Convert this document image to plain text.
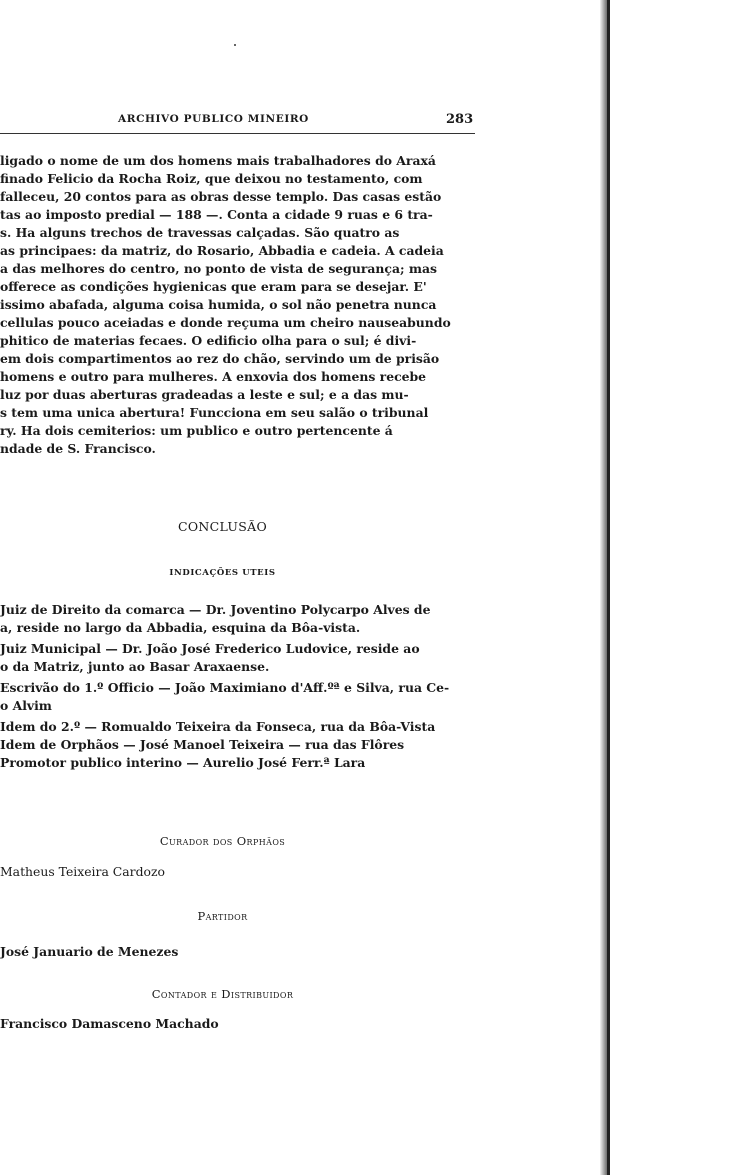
ARCHIVO PUBLICO MINEIRO	283
ligado o nome de um dos homens mais trabalhadores do Araxá
finado Felicio da Rocha Roiz, que deixou no testamento, com
falleceu, 20 contos para as obras desse templo. Das casas estão
tas ao imposto predial — 188 —. Conta a cidade 9 ruas e 6 tra-
s. Ha alguns trechos de travessas calçadas. São quatro as
as principaes: da matriz, do Rosario, Abbadia e cadeia. A cadeia
a das melhores do centro, no ponto de vista de segurança; mas
offerece as condições hygienicas que eram para se desejar. E'
issimo abafada, alguma coisa humida, o sol não penetra nunca
cellulas pouco aceiadas e donde reçuma um cheiro nauseabundo
phitico de materias fecaes. O edificio olha para o sul; é divi-
em dois compartimentos ao rez do chão, servindo um de prisão
homens e outro para mulheres. A enxovia dos homens recebe
luz por duas aberturas gradeadas a leste e sul; e a das mu-
s tem uma unica abertura! Funcciona em seu salão o tribunal
ry. Ha dois cemiterios: um publico e outro pertencente á
ndade de S. Francisco.
CONCLUSÃO
INDICAÇÕES UTEIS
Juiz de Direito da comarca — Dr. Joventino Polycarpo Alves de
a, reside no largo da Abbadia, esquina da Bôa-vista.
Juiz Municipal — Dr. João José Frederico Ludovice, reside ao
o da Matriz, junto ao Basar Araxaense.
Escrivão do 1.º Officio — João Maximiano d'Aff.ºª e Silva, rua Ce-
o Alvim
Idem do 2.º — Romualdo Teixeira da Fonseca, rua da Bôa-Vista
Idem de Orphãos — José Manoel Teixeira — rua das Flôres
Promotor publico interino — Aurelio José Ferr.ª Lara
Curador dos Orphãos
Matheus Teixeira Cardozo
Partidor
José Januario de Menezes
Contador e Distribuidor
Francisco Damasceno Machado
